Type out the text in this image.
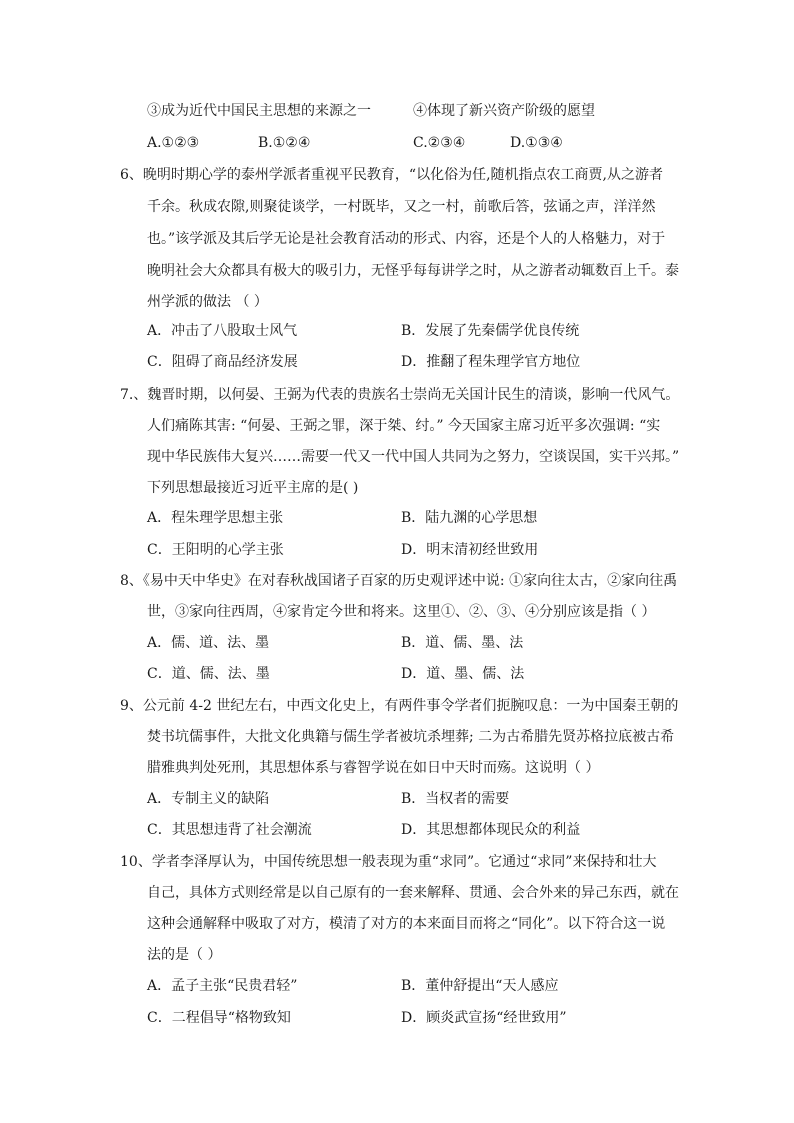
③成为近代中国民主思想的来源之一	④体现了新兴资产阶级的愿望
A.①②③	B.①②④	C.②③④	D.①③④
6、晚明时期心学的泰州学派者重视平民教育，“以化俗为任,随机指点农工商贾,从之游者
千余。秋成农隙,则聚徒谈学，一村既毕，又之一村，前歌后答，弦诵之声，洋洋然
也。”该学派及其后学无论是社会教育活动的形式、内容，还是个人的人格魅力，对于
晚明社会大众都具有极大的吸引力，无怪乎每每讲学之时，从之游者动辄数百上千。泰
州学派的做法 （ ）
A．冲击了八股取士风气	B．发展了先秦儒学优良传统
C．阻碍了商品经济发展	D．推翻了程朱理学官方地位
7.、魏晋时期，以何晏、王弼为代表的贵族名士崇尚无关国计民生的清谈，影响一代风气。
人们痛陈其害: “何晏、王弼之罪，深于桀、纣。” 今天国家主席习近平多次强调: “实
现中华民族伟大复兴……需要一代又一代中国人共同为之努力，空谈误国，实干兴邦。”
下列思想最接近习近平主席的是( )
A．程朱理学思想主张	B．陆九渊的心学思想
C．王阳明的心学主张	D．明末清初经世致用
8、《易中天中华史》在对春秋战国诸子百家的历史观评述中说: ①家向往太古，②家向往禹
世，③家向往西周，④家肯定今世和将来。这里①、②、③、④分别应该是指（ ）
A．儒、道、法、墨	B．道、儒、墨、法
C．道、儒、法、墨	D．道、墨、儒、法
9、公元前 4-2 世纪左右，中西文化史上，有两件事令学者们扼腕叹息：一为中国秦王朝的
焚书坑儒事件，大批文化典籍与儒生学者被坑杀埋葬; 二为古希腊先贤苏格拉底被古希
腊雅典判处死刑，其思想体系与睿智学说在如日中天时而殇。这说明（ ）
A．专制主义的缺陷	B．当权者的需要
C．其思想违背了社会潮流	D．其思想都体现民众的利益
10、学者李泽厚认为，中国传统思想一般表现为重“求同”。它通过“求同”来保持和壮大
自己，具体方式则经常是以自己原有的一套来解释、贯通、会合外来的异己东西，就在
这种会通解释中吸取了对方，模清了对方的本来面目而将之“同化”。以下符合这一说
法的是（ ）
A．孟子主张“民贵君轻”	B．董仲舒提出“天人感应
C．二程倡导“格物致知	D．顾炎武宣扬“经世致用”
